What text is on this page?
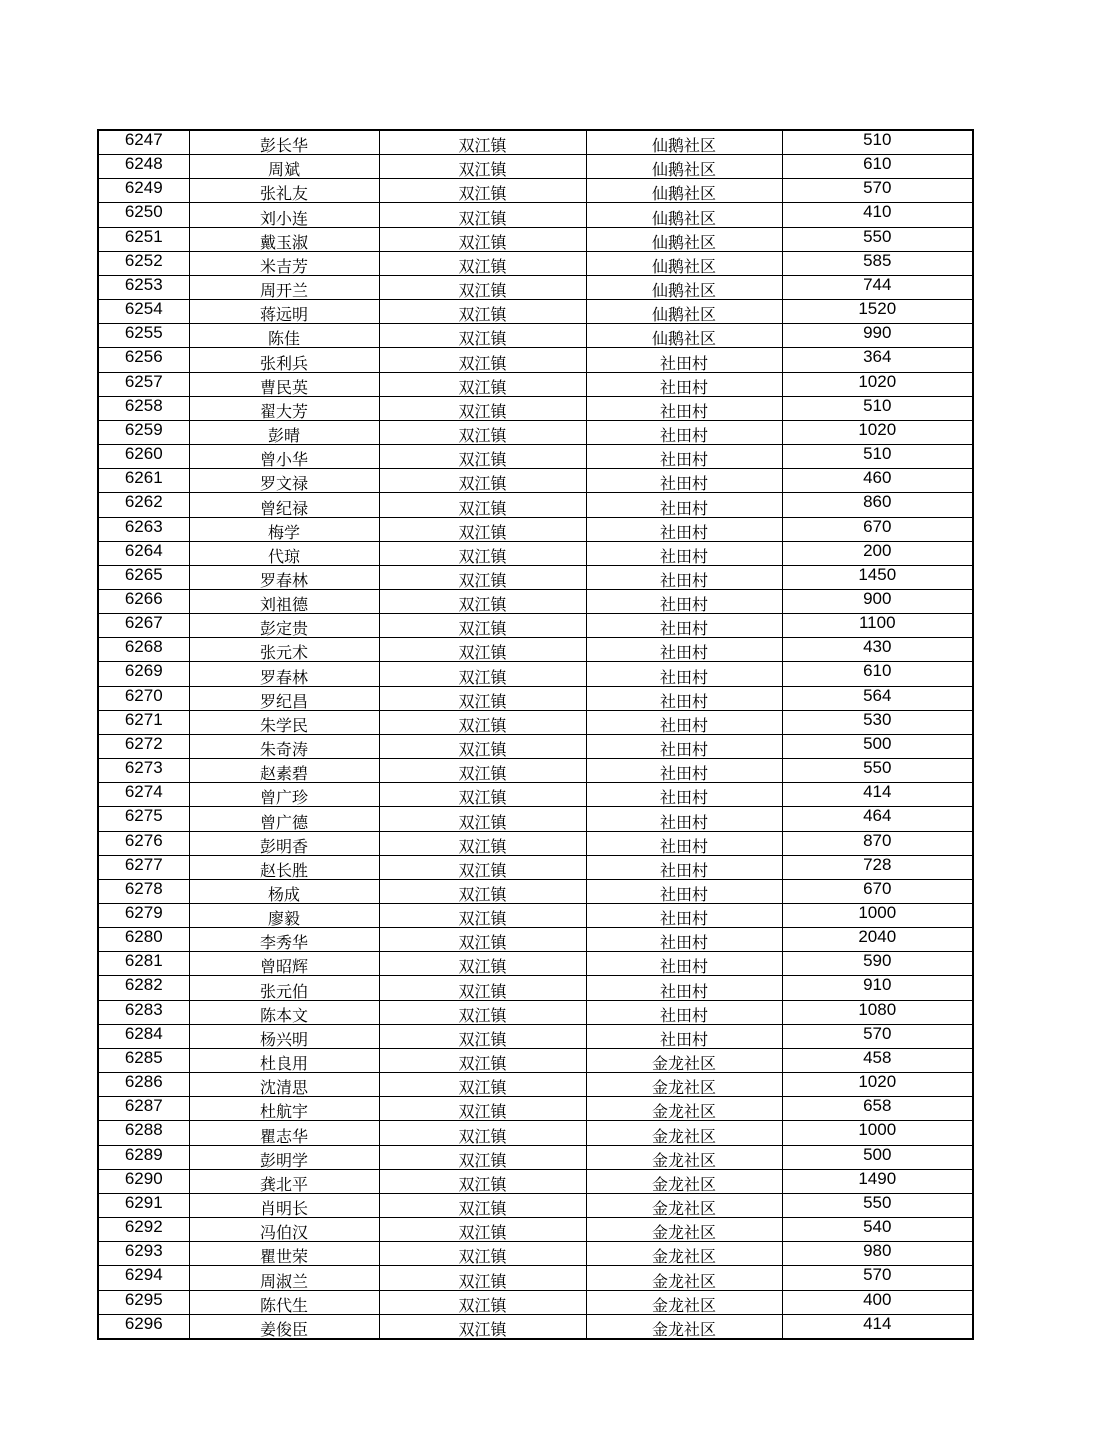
6247	彭长华	双江镇	仙鹅社区	510
6248	周斌	双江镇	仙鹅社区	610
6249	张礼友	双江镇	仙鹅社区	570
6250	刘小连	双江镇	仙鹅社区	410
6251	戴玉淑	双江镇	仙鹅社区	550
6252	米吉芳	双江镇	仙鹅社区	585
6253	周开兰	双江镇	仙鹅社区	744
6254	蒋远明	双江镇	仙鹅社区	1520
6255	陈佳	双江镇	仙鹅社区	990
6256	张利兵	双江镇	社田村	364
6257	曹民英	双江镇	社田村	1020
6258	翟大芳	双江镇	社田村	510
6259	彭晴	双江镇	社田村	1020
6260	曾小华	双江镇	社田村	510
6261	罗文禄	双江镇	社田村	460
6262	曾纪禄	双江镇	社田村	860
6263	梅学	双江镇	社田村	670
6264	代琼	双江镇	社田村	200
6265	罗春林	双江镇	社田村	1450
6266	刘祖德	双江镇	社田村	900
6267	彭定贵	双江镇	社田村	1100
6268	张元术	双江镇	社田村	430
6269	罗春林	双江镇	社田村	610
6270	罗纪昌	双江镇	社田村	564
6271	朱学民	双江镇	社田村	530
6272	朱奇涛	双江镇	社田村	500
6273	赵素碧	双江镇	社田村	550
6274	曾广珍	双江镇	社田村	414
6275	曾广德	双江镇	社田村	464
6276	彭明香	双江镇	社田村	870
6277	赵长胜	双江镇	社田村	728
6278	杨成	双江镇	社田村	670
6279	廖毅	双江镇	社田村	1000
6280	李秀华	双江镇	社田村	2040
6281	曾昭辉	双江镇	社田村	590
6282	张元伯	双江镇	社田村	910
6283	陈本文	双江镇	社田村	1080
6284	杨兴明	双江镇	社田村	570
6285	杜良用	双江镇	金龙社区	458
6286	沈清思	双江镇	金龙社区	1020
6287	杜航宇	双江镇	金龙社区	658
6288	瞿志华	双江镇	金龙社区	1000
6289	彭明学	双江镇	金龙社区	500
6290	龚北平	双江镇	金龙社区	1490
6291	肖明长	双江镇	金龙社区	550
6292	冯伯汉	双江镇	金龙社区	540
6293	瞿世荣	双江镇	金龙社区	980
6294	周淑兰	双江镇	金龙社区	570
6295	陈代生	双江镇	金龙社区	400
6296	姜俊臣	双江镇	金龙社区	414
